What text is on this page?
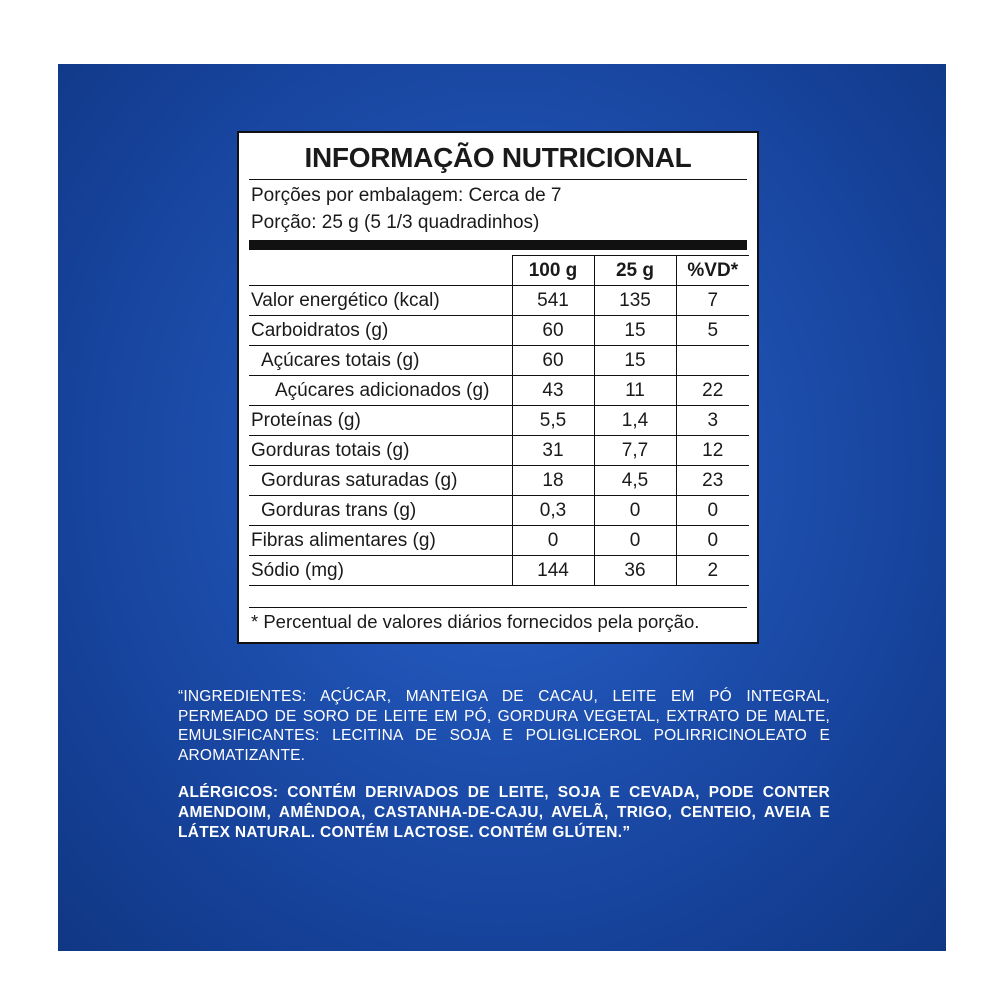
INFORMAÇÃO NUTRICIONAL
Porções por embalagem: Cerca de 7
Porção: 25 g (5 1/3 quadradinhos)
	100 g	25 g	%VD*
Valor energético (kcal)	541	135	7
Carboidratos (g)	60	15	5
Açúcares totais (g)	60	15	
Açúcares adicionados (g)	43	11	22
Proteínas (g)	5,5	1,4	3
Gorduras totais (g)	31	7,7	12
Gorduras saturadas (g)	18	4,5	23
Gorduras trans (g)	0,3	0	0
Fibras alimentares (g)	0	0	0
Sódio (mg)	144	36	2
* Percentual de valores diários fornecidos pela porção.
“INGREDIENTES: AÇÚCAR, MANTEIGA DE CACAU, LEITE EM PÓ INTEGRAL, PERMEADO DE SORO DE LEITE EM PÓ, GORDURA VEGETAL, EXTRATO DE MALTE, EMULSIFICANTES: LECITINA DE SOJA E POLIGLICEROL POLIRRICINOLEATO E AROMATIZANTE.
ALÉRGICOS: CONTÉM DERIVADOS DE LEITE, SOJA E CEVADA, PODE CONTER AMENDOIM, AMÊNDOA, CASTANHA-DE-CAJU, AVELÃ, TRIGO, CENTEIO, AVEIA E LÁTEX NATURAL. CONTÉM LACTOSE. CONTÉM GLÚTEN.”
